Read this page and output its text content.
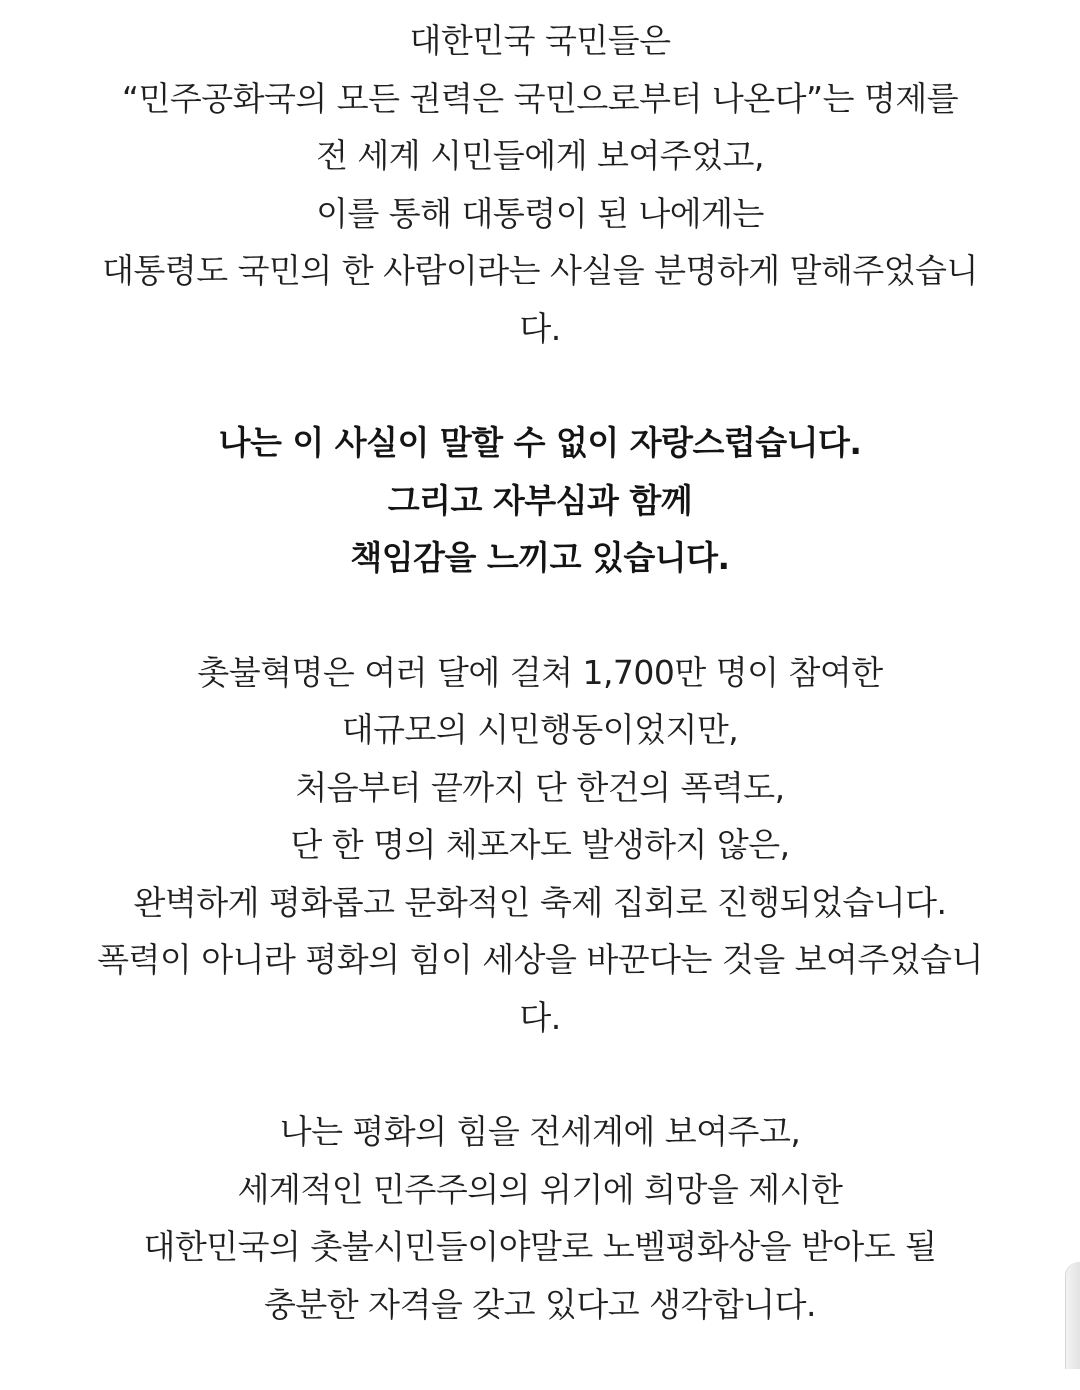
대한민국 국민들은
“민주공화국의 모든 권력은 국민으로부터 나온다”는 명제를
전 세계 시민들에게 보여주었고,
이를 통해 대통령이 된 나에게는
대통령도 국민의 한 사람이라는 사실을 분명하게 말해주었습니
다.
나는 이 사실이 말할 수 없이 자랑스럽습니다.
그리고 자부심과 함께
책임감을 느끼고 있습니다.
촛불혁명은 여러 달에 걸쳐 1,700만 명이 참여한
대규모의 시민행동이었지만,
처음부터 끝까지 단 한건의 폭력도,
단 한 명의 체포자도 발생하지 않은,
완벽하게 평화롭고 문화적인 축제 집회로 진행되었습니다.
폭력이 아니라 평화의 힘이 세상을 바꾼다는 것을 보여주었습니
다.
나는 평화의 힘을 전세계에 보여주고,
세계적인 민주주의의 위기에 희망을 제시한
대한민국의 촛불시민들이야말로 노벨평화상을 받아도 될
충분한 자격을 갖고 있다고 생각합니다.
